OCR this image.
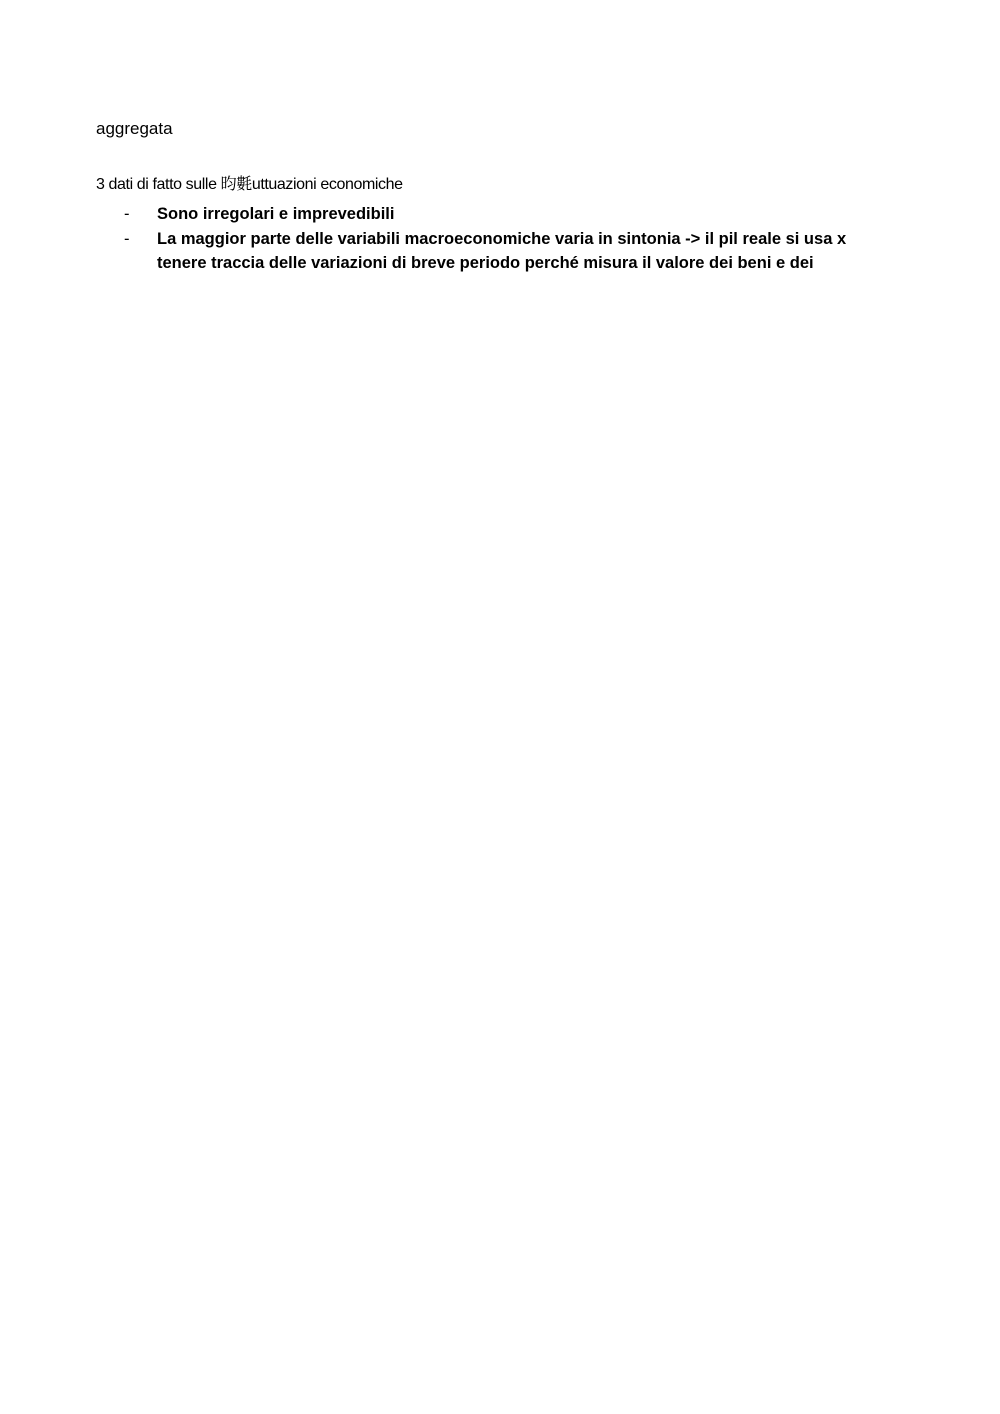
aggregata
3 dati di fatto sulle 昀氀uttuazioni economiche
- Sono irregolari e imprevedibili
- La maggior parte delle variabili macroeconomiche varia in sintonia -> il pil reale si usa x tenere traccia delle variazioni di breve periodo perché misura il valore dei beni e dei
